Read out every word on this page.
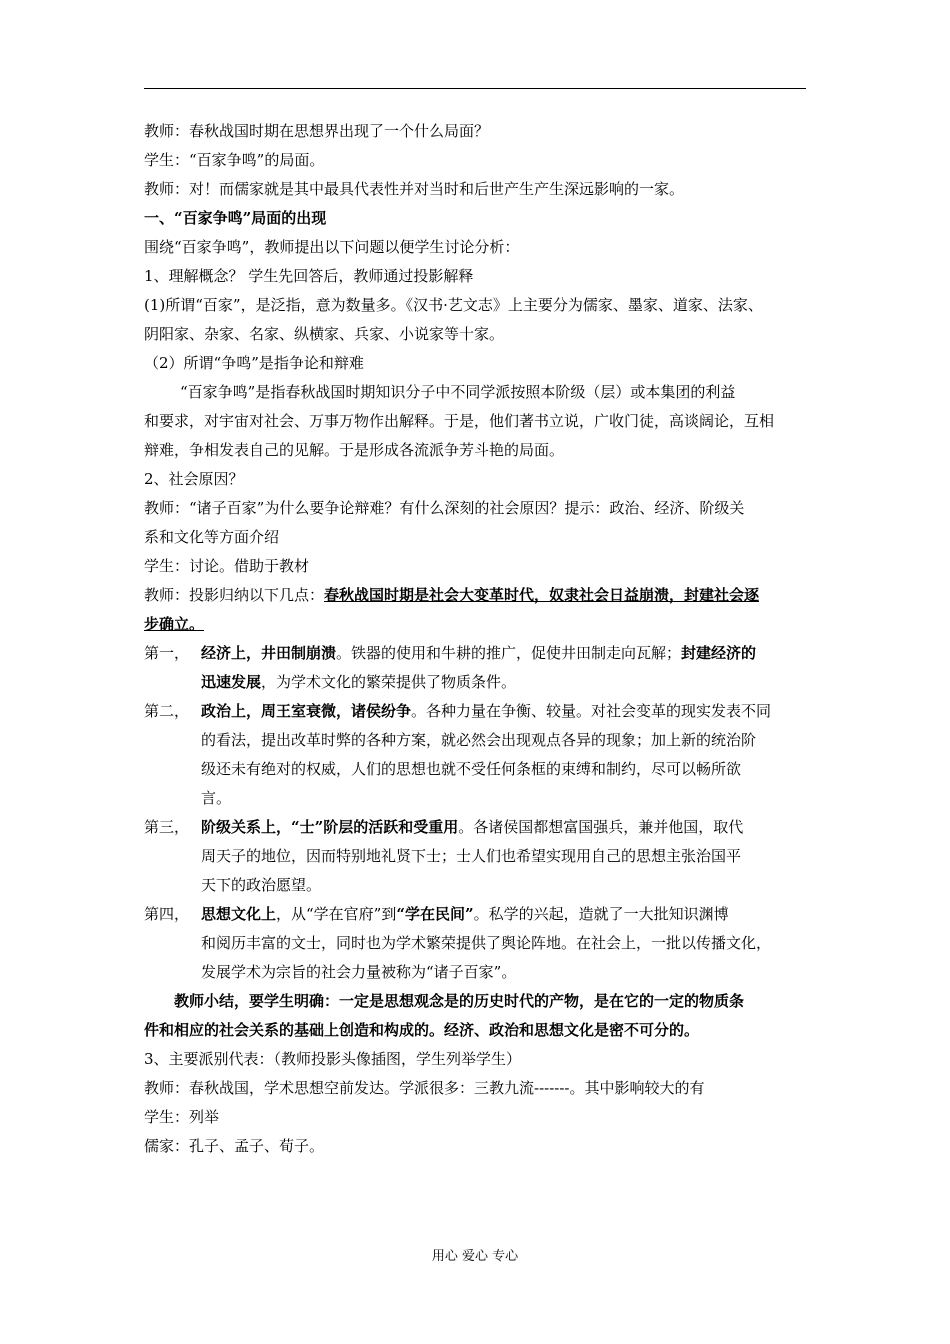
教师：春秋战国时期在思想界出现了一个什么局面？
学生：“百家争鸣”的局面。
教师：对！而儒家就是其中最具代表性并对当时和后世产生产生深远影响的一家。
一、“百家争鸣”局面的出现
围绕“百家争鸣”，教师提出以下问题以便学生讨论分析：
1、理解概念？ 学生先回答后，教师通过投影解释
(1)所谓“百家”，是泛指，意为数量多。《汉书·艺文志》上主要分为儒家、墨家、道家、法家、
阴阳家、杂家、名家、纵横家、兵家、小说家等十家。
（2）所谓“争鸣”是指争论和辩难
“百家争鸣”是指春秋战国时期知识分子中不同学派按照本阶级（层）或本集团的利益
和要求，对宇宙对社会、万事万物作出解释。于是，他们著书立说，广收门徒，高谈阔论，互相
辩难，争相发表自己的见解。于是形成各流派争芳斗艳的局面。
2、社会原因？
教师：“诸子百家”为什么要争论辩难？有什么深刻的社会原因？提示：政治、经济、阶级关
系和文化等方面介绍
学生：讨论。借助于教材
教师：投影归纳以下几点：春秋战国时期是社会大变革时代，奴隶社会日益崩溃，封建社会逐
步确立。
第一， 经济上，井田制崩溃。铁器的使用和牛耕的推广，促使井田制走向瓦解；封建经济的
迅速发展，为学术文化的繁荣提供了物质条件。
第二， 政治上，周王室衰微，诸侯纷争。各种力量在争衡、较量。对社会变革的现实发表不同
的看法，提出改革时弊的各种方案，就必然会出现观点各异的现象；加上新的统治阶
级还未有绝对的权威，人们的思想也就不受任何条框的束缚和制约，尽可以畅所欲
言。
第三， 阶级关系上，“士”阶层的活跃和受重用。各诸侯国都想富国强兵，兼并他国，取代
周天子的地位，因而特别地礼贤下士；士人们也希望实现用自己的思想主张治国平
天下的政治愿望。
第四， 思想文化上，从“学在官府”到“学在民间”。私学的兴起，造就了一大批知识渊博
和阅历丰富的文士，同时也为学术繁荣提供了舆论阵地。在社会上，一批以传播文化，
发展学术为宗旨的社会力量被称为“诸子百家”。
教师小结，要学生明确：一定是思想观念是的历史时代的产物，是在它的一定的物质条
件和相应的社会关系的基础上创造和构成的。经济、政治和思想文化是密不可分的。
3、主要派别代表：（教师投影头像插图，学生列举学生）
教师：春秋战国，学术思想空前发达。学派很多：三教九流-------。其中影响较大的有
学生：列举
儒家：孔子、孟子、荀子。
用心 爱心 专心
